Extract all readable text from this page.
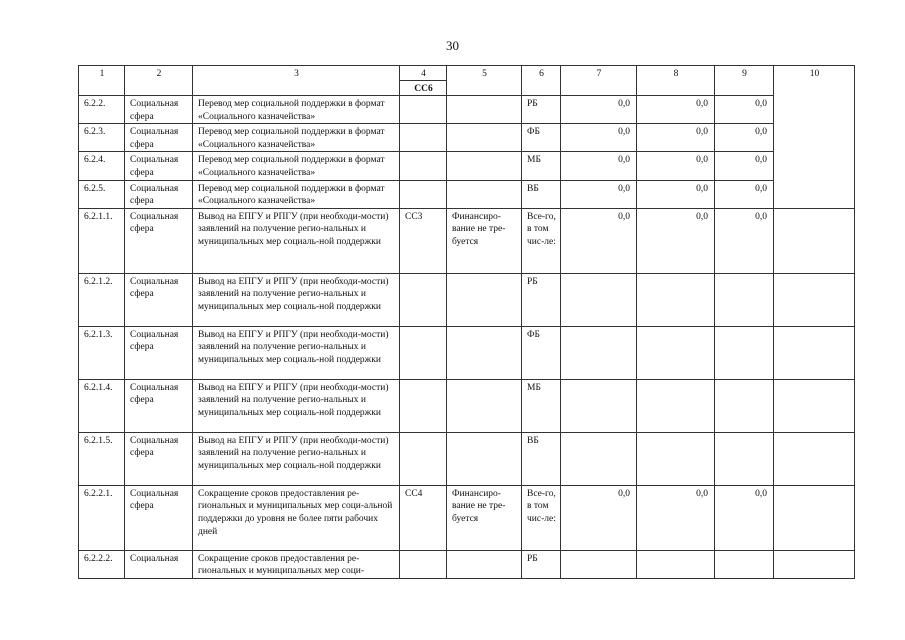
30
1	2	3	4	5	6	7	8	9	10
			СС6						
6.2.2.	Социальная сфера	Перевод мер социальной поддержки в формат «Социального казначейства»			РБ	0,0	0,0	0,0	
6.2.3.	Социальная сфера	Перевод мер социальной поддержки в формат «Социального казначейства»			ФБ	0,0	0,0	0,0	
6.2.4.	Социальная сфера	Перевод мер социальной поддержки в формат «Социального казначейства»			МБ	0,0	0,0	0,0	
6.2.5.	Социальная сфера	Перевод мер социальной поддержки в формат «Социального казначейства»			ВБ	0,0	0,0	0,0	
6.2.1.1.	Социальная сфера	Вывод на ЕПГУ и РПГУ (при необходи-мости) заявлений на получение регио-нальных и муниципальных мер социаль-ной поддержки	СС3	Финансиро-вание не тре-буется	Все-го, в том чис-ле:	0,0	0,0	0,0	
6.2.1.2.	Социальная сфера	Вывод на ЕПГУ и РПГУ (при необходи-мости) заявлений на получение регио-нальных и муниципальных мер социаль-ной поддержки			РБ				
6.2.1.3.	Социальная сфера	Вывод на ЕПГУ и РПГУ (при необходи-мости) заявлений на получение регио-нальных и муниципальных мер социаль-ной поддержки			ФБ				
6.2.1.4.	Социальная сфера	Вывод на ЕПГУ и РПГУ (при необходи-мости) заявлений на получение регио-нальных и муниципальных мер социаль-ной поддержки			МБ				
6.2.1.5.	Социальная сфера	Вывод на ЕПГУ и РПГУ (при необходи-мости) заявлений на получение регио-нальных и муниципальных мер социаль-ной поддержки			ВБ				
6.2.2.1.	Социальная сфера	Сокращение сроков предоставления ре-гиональных и муниципальных мер соци-альной поддержки до уровня не более пяти рабочих дней	СС4	Финансиро-вание не тре-буется	Все-го, в том чис-ле:	0,0	0,0	0,0	
6.2.2.2.	Социальная	Сокращение сроков предоставления ре-гиональных и муниципальных мер соци-			РБ				
